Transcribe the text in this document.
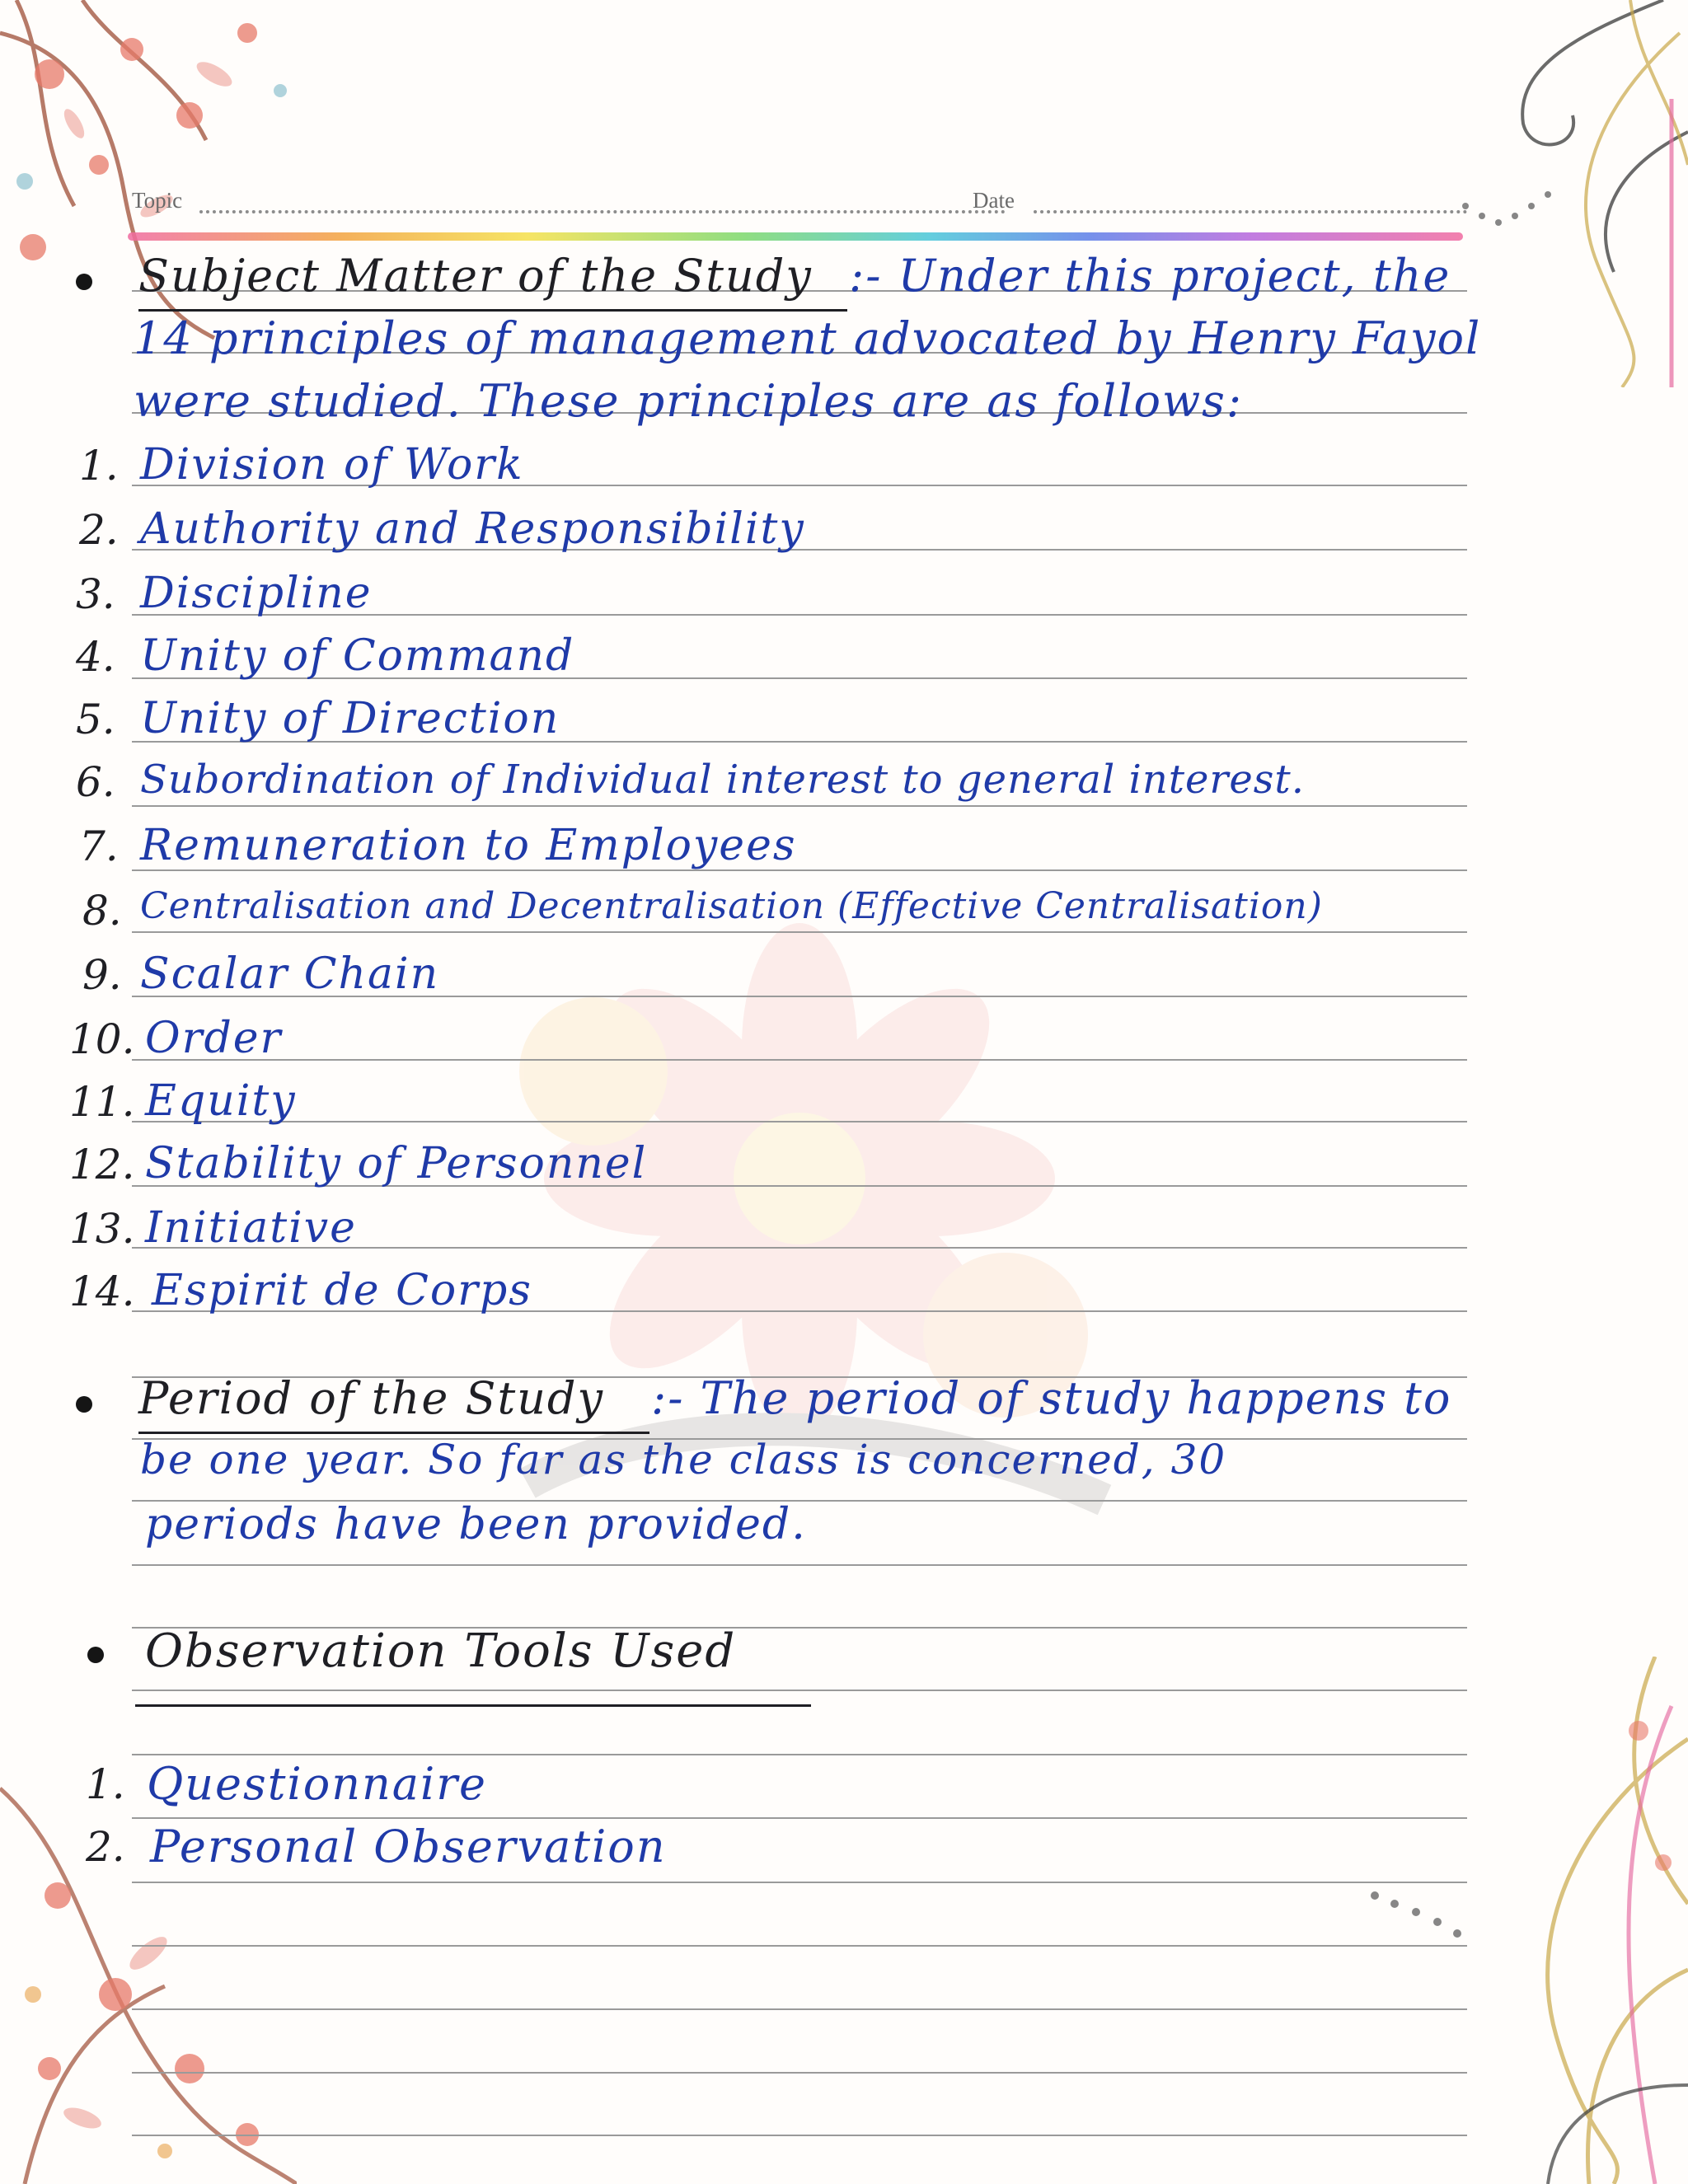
Topic	Date
Subject Matter of the Study :- Under this project, the
14 principles of management advocated by Henry Fayol
were studied. These principles are as follows:
1. Division of Work
2. Authority and Responsibility
3. Discipline
4. Unity of Command
5. Unity of Direction
6. Subordination of Individual interest to general interest.
7. Remuneration to Employees
8. Centralisation and Decentralisation (Effective Centralisation)
9. Scalar Chain
10. Order
11. Equity
12. Stability of Personnel
13. Initiative
14. Espirit de Corps
Period of the Study :- The period of study happens to
be one year. So far as the class is concerned, 30
periods have been provided.
Observation Tools Used
1. Questionnaire
2. Personal Observation
